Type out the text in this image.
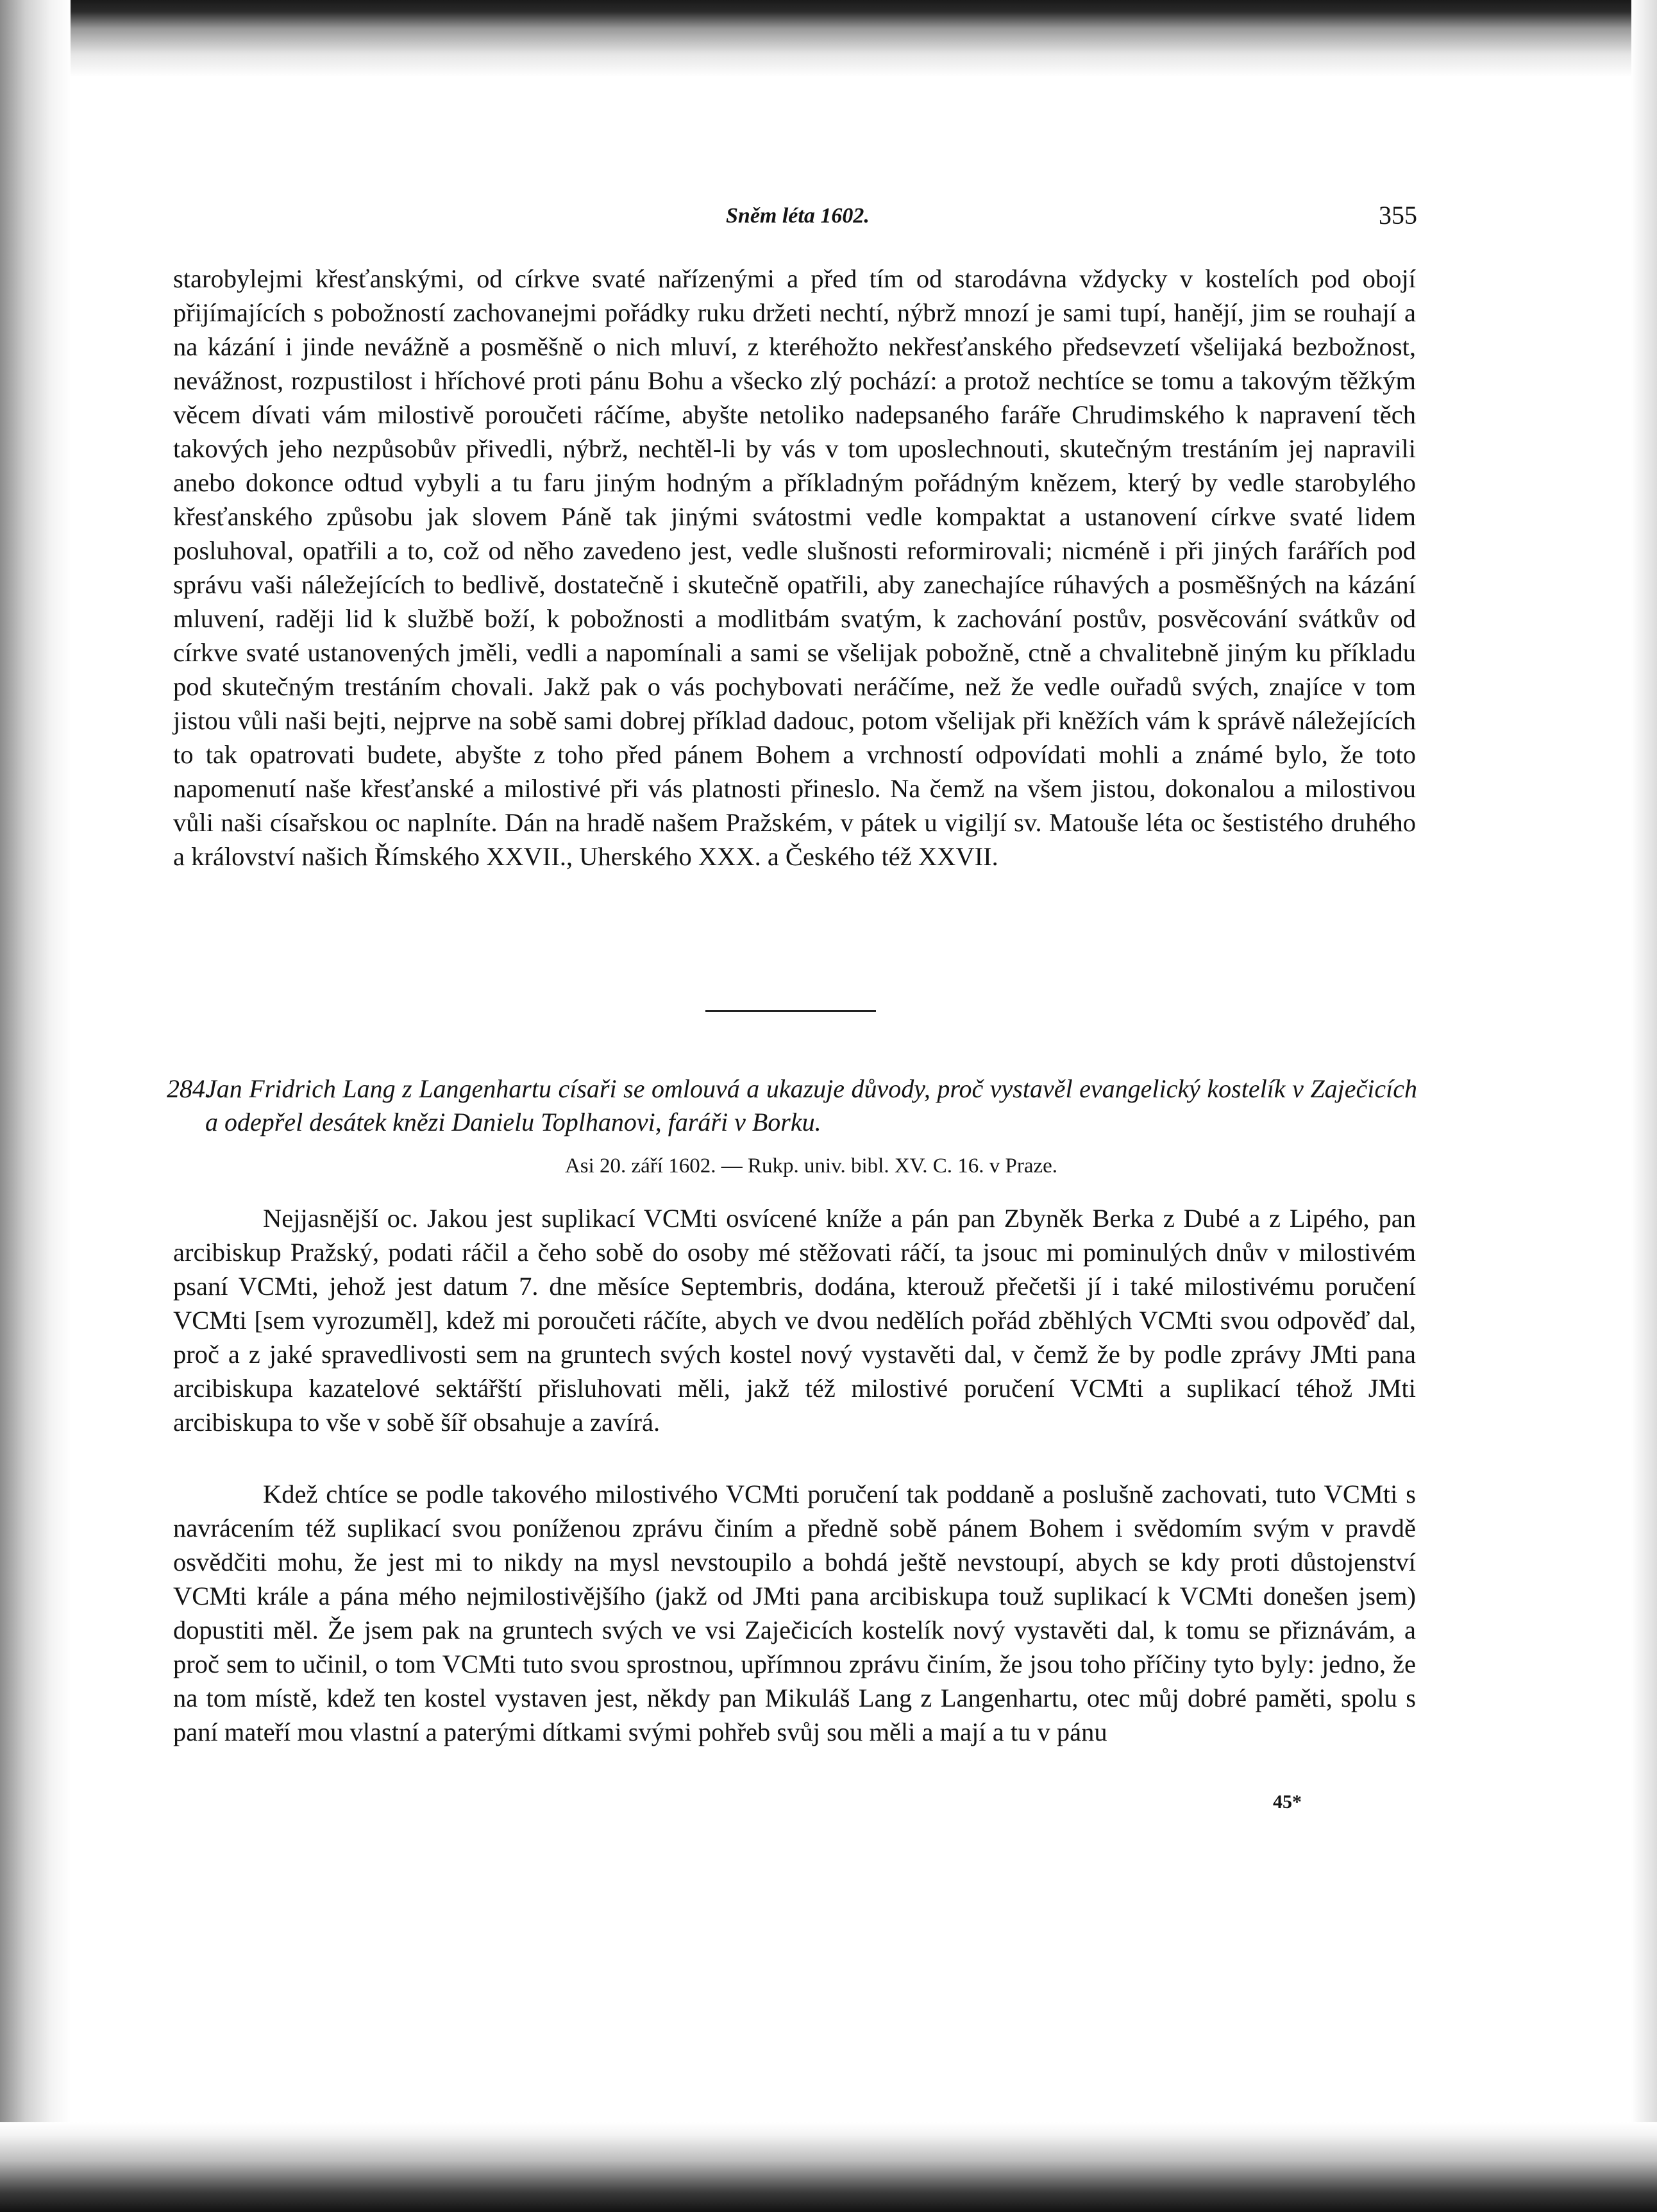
Sněm léta 1602.	355
starobylejmi křesťanskými, od církve svaté nařízenými a před tím od starodávna vždycky v kostelích pod obojí přijímajících s pobožností zachovanejmi pořádky ruku držeti nechtí, nýbrž mnozí je sami tupí, hanějí, jim se rouhají a na kázání i jinde nevážně a posměšně o nich mluví, z kteréhožto nekřesťanského předsevzetí všelijaká bezbožnost, nevážnost, rozpustilost i hříchové proti pánu Bohu a všecko zlý pochází: a protož nechtíce se tomu a takovým těžkým věcem dívati vám milostivě poroučeti ráčíme, abyšte netoliko nadepsaného faráře Chrudimského k napravení těch takových jeho nezpůsobův přivedli, nýbrž, nechtěl-li by vás v tom uposlechnouti, skutečným trestáním jej napravili anebo dokonce odtud vybyli a tu faru jiným hodným a příkladným pořádným knězem, který by vedle starobylého křesťanského způsobu jak slovem Páně tak jinými svátostmi vedle kompaktat a ustanovení církve svaté lidem posluhoval, opatřili a to, což od něho zavedeno jest, vedle slušnosti reformirovali; nicméně i při jiných farářích pod správu vaši náležejících to bedlivě, dostatečně i skutečně opatřili, aby zanechajíce rúhavých a posměšných na kázání mluvení, raději lid k službě boží, k pobožnosti a modlitbám svatým, k zachování postův, posvěcování svátkův od církve svaté ustanovených jměli, vedli a napomínali a sami se všelijak pobožně, ctně a chvalitebně jiným ku příkladu pod skutečným trestáním chovali. Jakž pak o vás pochybovati neráčíme, než že vedle ouřadů svých, znajíce v tom jistou vůli naši bejti, nejprve na sobě sami dobrej příklad dadouc, potom všelijak při kněžích vám k správě náležejících to tak opatrovati budete, abyšte z toho před pánem Bohem a vrchností odpovídati mohli a známé bylo, že toto napomenutí naše křesťanské a milostivé při vás platnosti přineslo. Na čemž na všem jistou, dokonalou a milostivou vůli naši císařskou oc naplníte. Dán na hradě našem Pražském, v pátek u vigiljí sv. Matouše léta oc šestistého druhého a království našich Římského XXVII., Uherského XXX. a Českého též XXVII.
284.Jan Fridrich Lang z Langenhartu císaři se omlouvá a ukazuje důvody, proč vystavěl evangelický kostelík v Zaječicích a odepřel desátek knězi Danielu Toplhanovi, faráři v Borku.
Asi 20. září 1602. — Rukp. univ. bibl. XV. C. 16. v Praze.
Nejjasnější oc. Jakou jest suplikací VCMti osvícené kníže a pán pan Zbyněk Berka z Dubé a z Lipého, pan arcibiskup Pražský, podati ráčil a čeho sobě do osoby mé stěžovati ráčí, ta jsouc mi pominulých dnův v milostivém psaní VCMti, jehož jest datum 7. dne měsíce Septembris, dodána, kterouž přečetši jí i také milostivému poručení VCMti [sem vyrozuměl], kdež mi poroučeti ráčíte, abych ve dvou nedělích pořád zběhlých VCMti svou odpověď dal, proč a z jaké spravedlivosti sem na gruntech svých kostel nový vystavěti dal, v čemž že by podle zprávy JMti pana arcibiskupa kazatelové sektářští přisluhovati měli, jakž též milostivé poručení VCMti a suplikací téhož JMti arcibiskupa to vše v sobě šíř obsahuje a zavírá.
Kdež chtíce se podle takového milostivého VCMti poručení tak poddaně a poslušně zachovati, tuto VCMti s navrácením též suplikací svou poníženou zprávu činím a předně sobě pánem Bohem i svědomím svým v pravdě osvědčiti mohu, že jest mi to nikdy na mysl nevstoupilo a bohdá ještě nevstoupí, abych se kdy proti důstojenství VCMti krále a pána mého nejmilostivějšího (jakž od JMti pana arcibiskupa touž suplikací k VCMti donešen jsem) dopustiti měl. Že jsem pak na gruntech svých ve vsi Zaječicích kostelík nový vystavěti dal, k tomu se přiznávám, a proč sem to učinil, o tom VCMti tuto svou sprostnou, upřímnou zprávu činím, že jsou toho příčiny tyto byly: jedno, že na tom místě, kdež ten kostel vystaven jest, někdy pan Mikuláš Lang z Langenhartu, otec můj dobré paměti, spolu s paní mateří mou vlastní a paterými dítkami svými pohřeb svůj sou měli a mají a tu v pánu
45*
